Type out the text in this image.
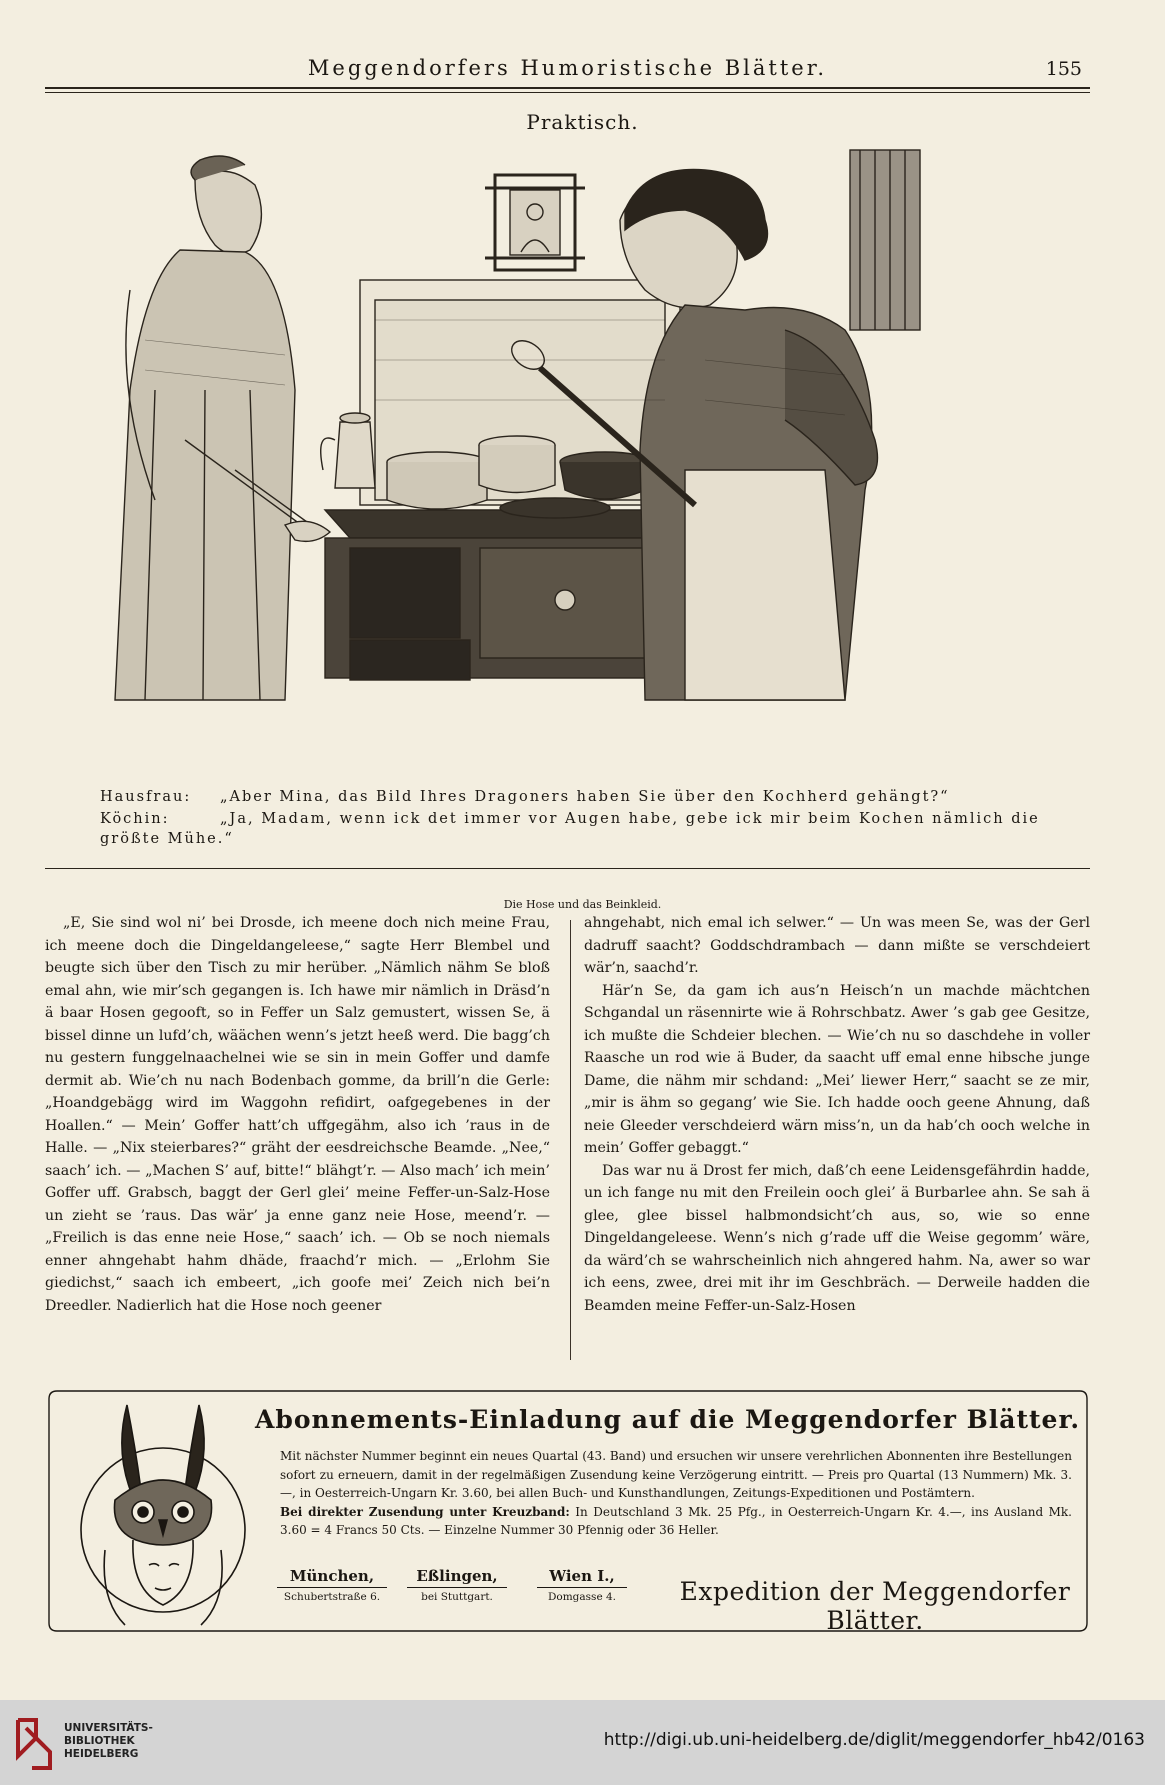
Meggendorfers Humoristische Blätter.	155
Praktisch.
Hausfrau: „Aber Mina, das Bild Ihres Dragoners haben Sie über den Kochherd gehängt?“
Köchin:	„Ja, Madam, wenn ick det immer vor Augen habe, gebe ick mir beim Kochen nämlich die größte Mühe.“
Die Hose und das Beinkleid.

„E, Sie sind wol ni’ bei Drosde, ich meene doch nich meine Frau, ich meene doch die Dingeldangeleese,“ sagte Herr Blembel und beugte sich über den Tisch zu mir herüber. „Nämlich nähm Se bloß emal ahn, wie mir’sch gegangen is. Ich hawe mir nämlich in Dräsd’n ä baar Hosen gegooft, so in Feffer un Salz gemustert, wissen Se, ä bissel dinne un lufd’ch, wäächen wenn’s jetzt heeß werd. Die bagg’ch nu gestern funggelnaachelnei wie se sin in mein Goffer und damfe dermit ab. Wie’ch nu nach Bodenbach gomme, da brill’n die Gerle: „Hoandgebägg wird im Waggohn refidirt, oafgegebenes in der Hoallen.“ — Mein’ Goffer hatt’ch uffgegähm, also ich ’raus in de Halle. — „Nix steierbares?“ gräht der eesdreichsche Beamde. „Nee,“ saach’ ich. — „Machen S’ auf, bitte!“ blähgt’r. — Also mach’ ich mein’ Goffer uff. Grabsch, baggt der Gerl glei’ meine Feffer-un-Salz-Hose un zieht se ’raus. Das wär’ ja enne ganz neie Hose, meend’r. — „Freilich is das enne neie Hose,“ saach’ ich. — Ob se noch niemals enner ahngehabt hahm dhäde, fraachd’r mich. — „Erlohm Sie giedichst,“ saach ich embeert, „ich goofe mei’ Zeich nich bei’n Dreedler. Nadierlich hat die Hose noch geener

ahngehabt, nich emal ich selwer.“ — Un was meen Se, was der Gerl dadruff saacht? Goddschdrambach — dann mißte se verschdeiert wär’n, saachd’r.

Här’n Se, da gam ich aus’n Heisch’n un machde mächtchen Schgandal un räsennirte wie ä Rohrschbatz. Awer ’s gab gee Gesitze, ich mußte die Schdeier blechen. — Wie’ch nu so daschdehe in voller Raasche un rod wie ä Buder, da saacht uff emal enne hibsche junge Dame, die nähm mir schdand: „Mei’ liewer Herr,“ saacht se ze mir, „mir is ähm so gegang’ wie Sie. Ich hadde ooch geene Ahnung, daß neie Gleeder verschdeierd wärn miss’n, un da hab’ch ooch welche in mein’ Goffer gebaggt.“

Das war nu ä Drost fer mich, daß’ch eene Leidensgefährdin hadde, un ich fange nu mit den Freilein ooch glei’ ä Burbarlee ahn. Se sah ä glee, glee bissel halbmondsicht’ch aus, so, wie so enne Dingeldangeleese. Wenn’s nich g’rade uff die Weise gegomm’ wäre, da wärd’ch se wahrscheinlich nich ahngered hahm. Na, awer so war ich eens, zwee, drei mit ihr im Geschbräch. — Derweile hadden die Beamden meine Feffer-un-Salz-Hosen

Abonnements-Einladung auf die Meggendorfer Blätter.

Mit nächster Nummer beginnt ein neues Quartal (43. Band) und ersuchen wir unsere verehrlichen Abonnenten ihre Bestellungen sofort zu erneuern, damit in der regelmäßigen Zusendung keine Verzögerung eintritt. — Preis pro Quartal (13 Nummern) Mk. 3.—, in Oesterreich-Ungarn Kr. 3.60, bei allen Buch- und Kunsthandlungen, Zeitungs-Expeditionen und Postämtern.

Bei direkter Zusendung unter Kreuzband: In Deutschland 3 Mk. 25 Pfg., in Oesterreich-Ungarn Kr. 4.—, ins Ausland Mk. 3.60 = 4 Francs 50 Cts. — Einzelne Nummer 30 Pfennig oder 36 Heller.

München,
Schubertstraße 6.
Eßlingen,
bei Stuttgart.
Wien I.,
Domgasse 4.	Expedition der Meggendorfer Blätter.
UNIVERSITÄTS-
BIBLIOTHEK
HEIDELBERG
http://digi.ub.uni-heidelberg.de/diglit/meggendorfer_hb42/0163
